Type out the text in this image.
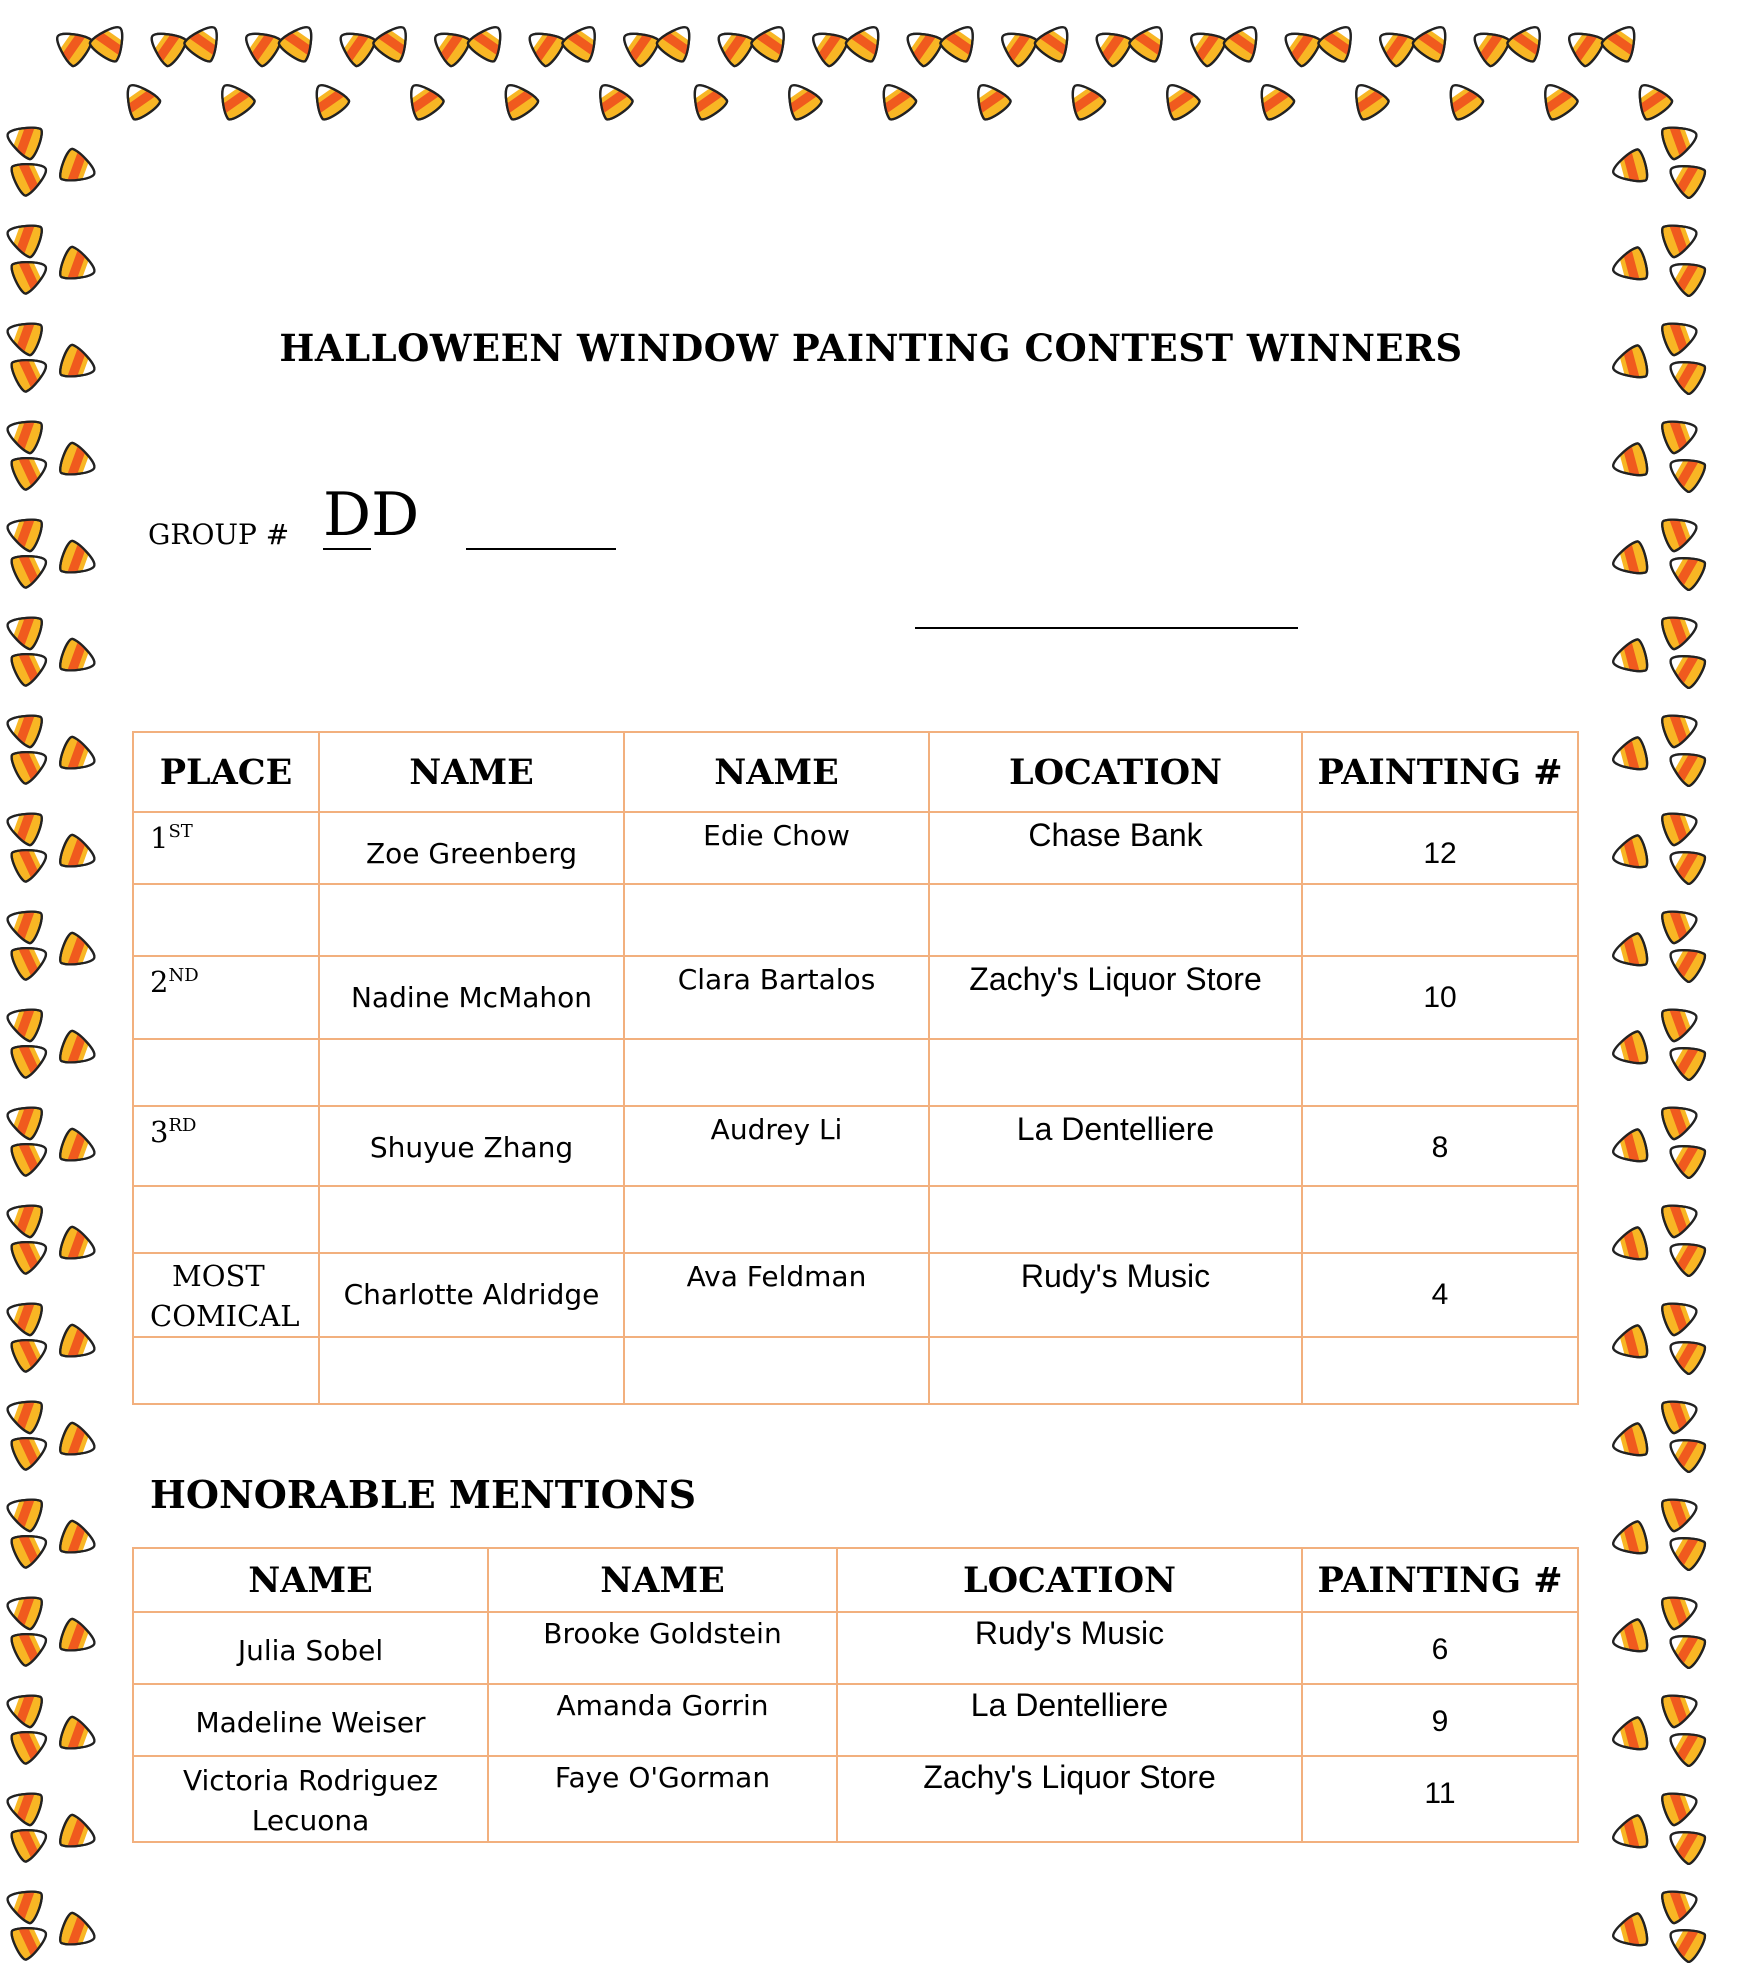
HALLOWEEN WINDOW PAINTING CONTEST WINNERS
GROUP # DD
PLACE	NAME	NAME	LOCATION	PAINTING #
1ST	Zoe Greenberg	Edie Chow	Chase Bank	12

2ND	Nadine McMahon	Clara Bartalos	Zachy's Liquor Store	10

3RD	Shuyue Zhang	Audrey Li	La Dentelliere	8

MOST
COMICAL	Charlotte Aldridge	Ava Feldman	Rudy's Music	4

HONORABLE MENTIONS
NAME	NAME	LOCATION	PAINTING #
Julia Sobel	Brooke Goldstein	Rudy's Music	6
Madeline Weiser	Amanda Gorrin	La Dentelliere	9
Victoria Rodriguez Lecuona	Faye O'Gorman	Zachy's Liquor Store	11
